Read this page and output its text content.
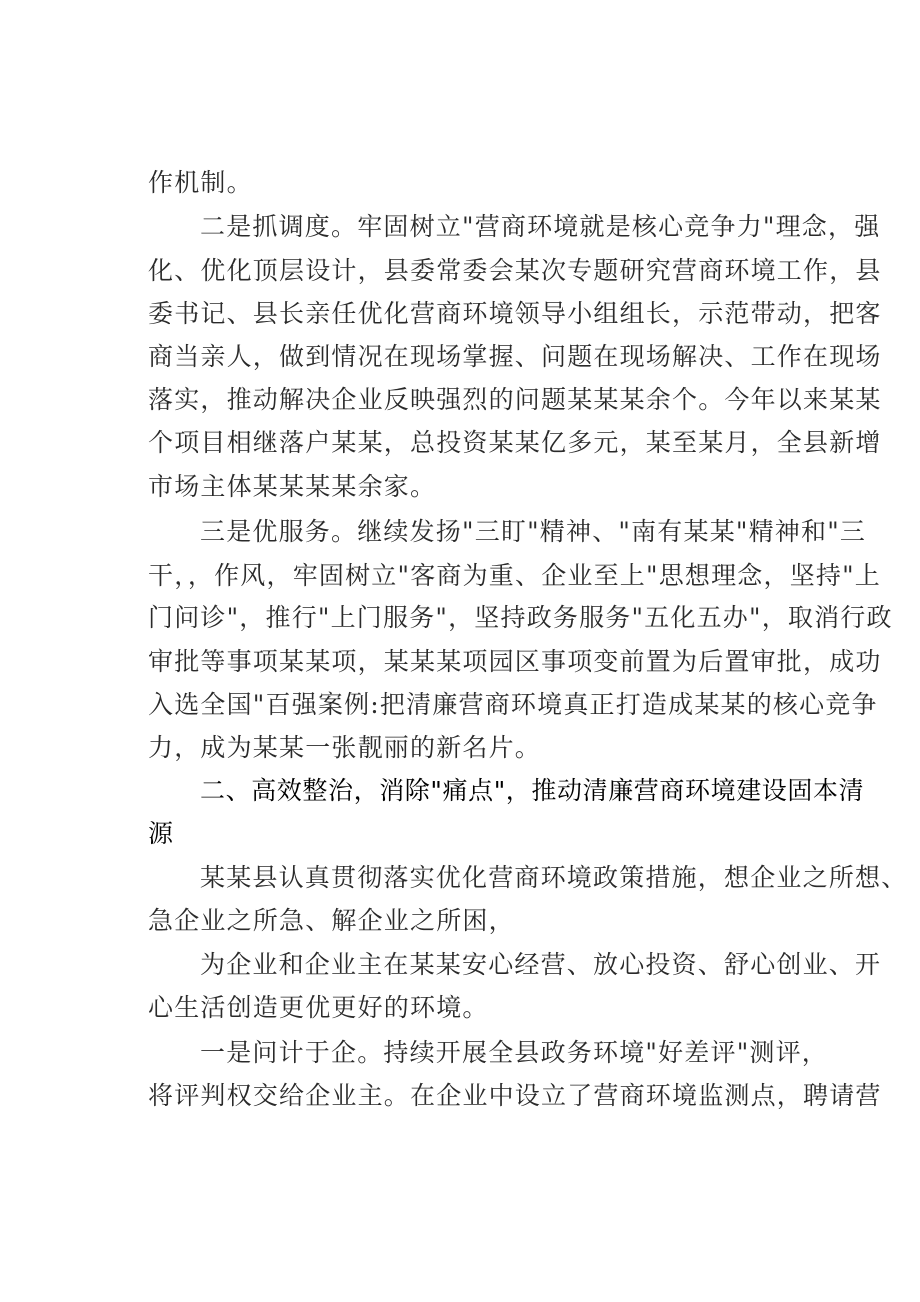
作机制。
二是抓调度。牢固树立"营商环境就是核心竞争力"理念，强
化、优化顶层设计，县委常委会某次专题研究营商环境工作，县
委书记、县长亲任优化营商环境领导小组组长，示范带动，把客
商当亲人，做到情况在现场掌握、问题在现场解决、工作在现场
落实，推动解决企业反映强烈的问题某某某余个。今年以来某某
个项目相继落户某某，总投资某某亿多元，某至某月，全县新增
市场主体某某某某余家。
三是优服务。继续发扬"三盯"精神、"南有某某"精神和"三
干，，作风，牢固树立"客商为重、企业至上"思想理念，坚持"上
门问诊"，推行"上门服务"，坚持政务服务"五化五办"，取消行政
审批等事项某某项，某某某项园区事项变前置为后置审批，成功
入选全国"百强案例:把清廉营商环境真正打造成某某的核心竞争
力，成为某某一张靓丽的新名片。
二、高效整治，消除"痛点"，推动清廉营商环境建设固本清
源
某某县认真贯彻落实优化营商环境政策措施，想企业之所想、
急企业之所急、解企业之所困，
为企业和企业主在某某安心经营、放心投资、舒心创业、开
心生活创造更优更好的环境。
一是问计于企。持续开展全县政务环境"好差评"测评，
将评判权交给企业主。在企业中设立了营商环境监测点，聘请营
